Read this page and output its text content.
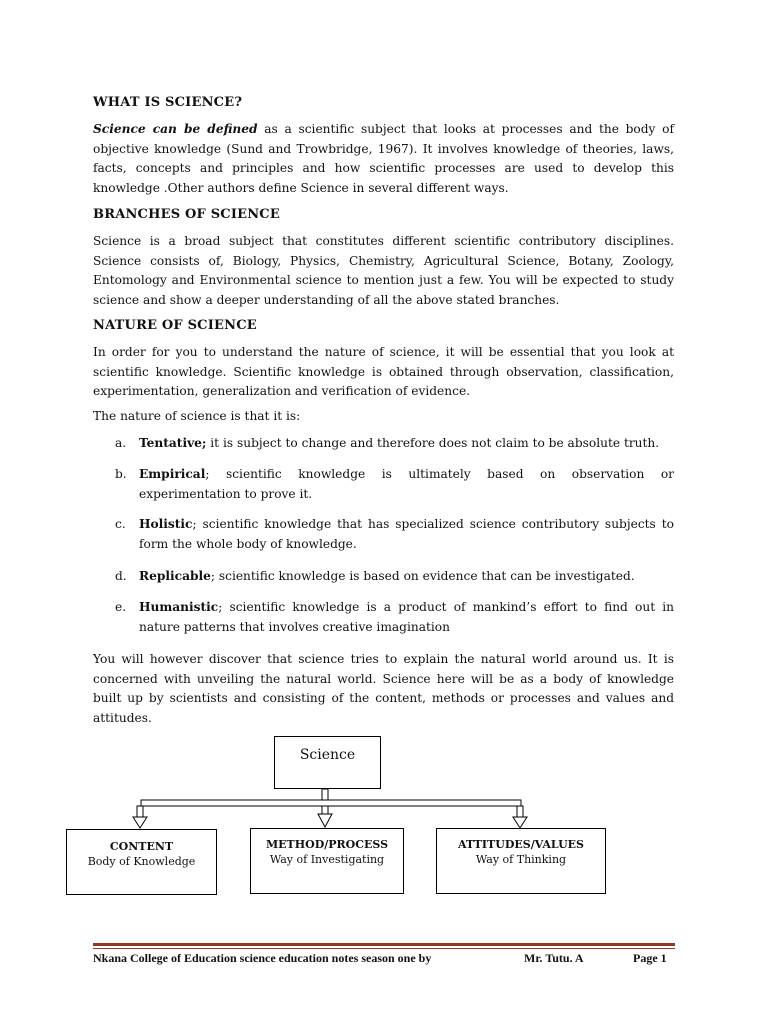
WHAT IS SCIENCE?
Science can be defined as a scientific subject that looks at processes and the body of objective knowledge (Sund and Trowbridge, 1967). It involves knowledge of theories, laws, facts, concepts and principles and how scientific processes are used to develop this knowledge .Other authors define Science in several different ways.
BRANCHES OF SCIENCE
Science is a broad subject that constitutes different scientific contributory disciplines. Science consists of, Biology, Physics, Chemistry, Agricultural Science, Botany, Zoology, Entomology and Environmental science to mention just a few. You will be expected to study science and show a deeper understanding of all the above stated branches.
NATURE OF SCIENCE
In order for you to understand the nature of science, it will be essential that you look at scientific knowledge. Scientific knowledge is obtained through observation, classification, experimentation, generalization and verification of evidence.
The nature of science is that it is:
a. Tentative; it is subject to change and therefore does not claim to be absolute truth.
b. Empirical; scientific knowledge is ultimately based on observation or experimentation to prove it.
c. Holistic; scientific knowledge that has specialized science contributory subjects to form the whole body of knowledge.
d. Replicable; scientific knowledge is based on evidence that can be investigated.
e. Humanistic; scientific knowledge is a product of mankind’s effort to find out in nature patterns that involves creative imagination
You will however discover that science tries to explain the natural world around us. It is concerned with unveiling the natural world. Science here will be as a body of knowledge built up by scientists and consisting of the content, methods or processes and values and attitudes.
Science
CONTENT
Body of Knowledge
METHOD/PROCESS
Way of Investigating
ATTITUDES/VALUES
Way of Thinking
Nkana College of Education science education notes season one by	Mr. Tutu. A	Page 1
